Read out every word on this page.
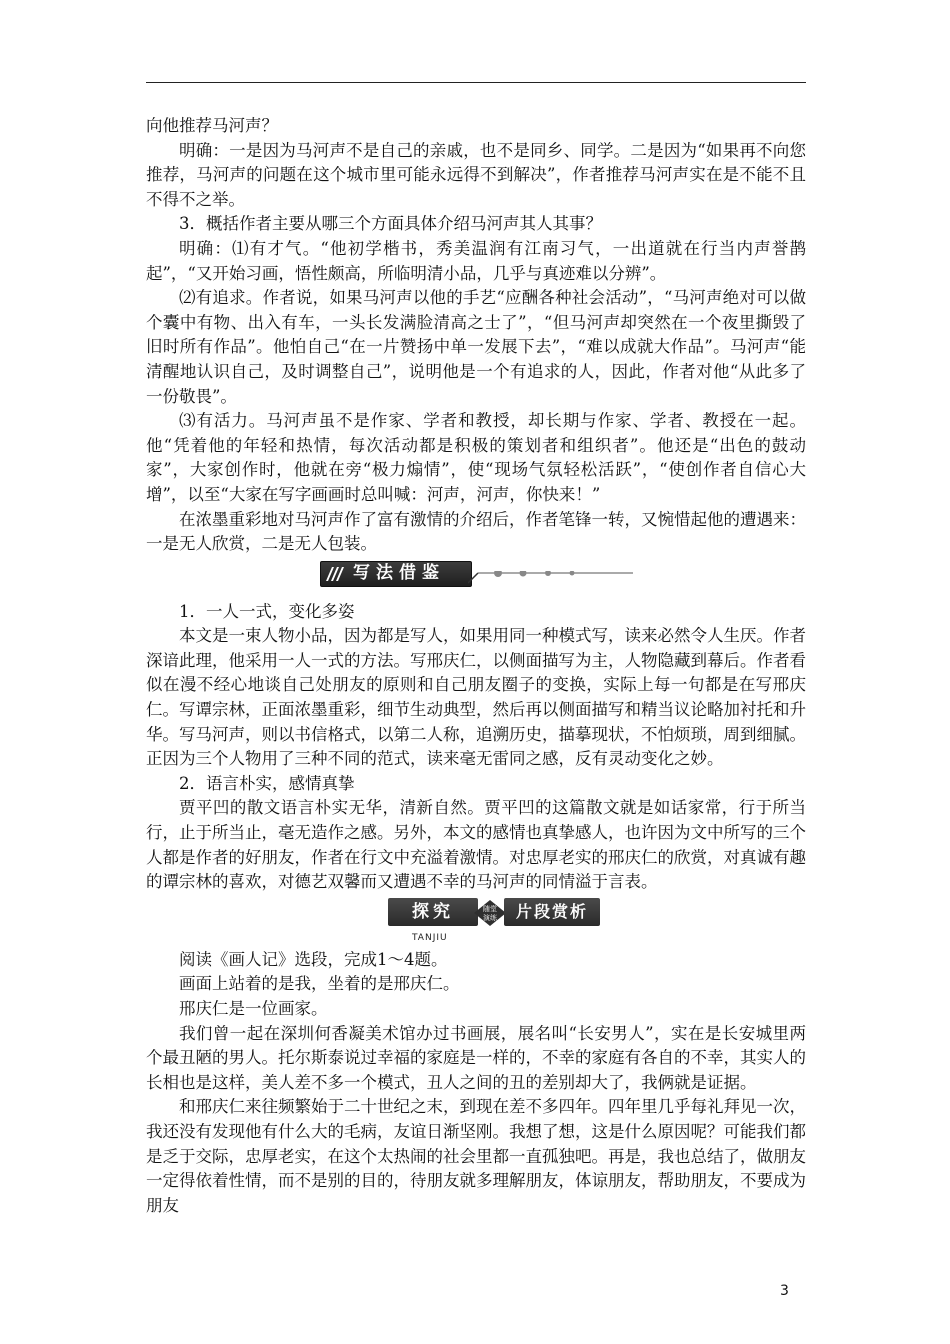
向他推荐马河声？

明确：一是因为马河声不是自己的亲戚，也不是同乡、同学。二是因为“如果再不向您推荐，马河声的问题在这个城市里可能永远得不到解决”，作者推荐马河声实在是不能不且不得不之举。

3．概括作者主要从哪三个方面具体介绍马河声其人其事？

明确：⑴有才气。“他初学楷书，秀美温润有江南习气，一出道就在行当内声誉鹊起”，“又开始习画，悟性颇高，所临明清小品，几乎与真迹难以分辨”。

⑵有追求。作者说，如果马河声以他的手艺“应酬各种社会活动”，“马河声绝对可以做个囊中有物、出入有车，一头长发满脸清高之士了”，“但马河声却突然在一个夜里撕毁了旧时所有作品”。他怕自己“在一片赞扬中单一发展下去”，“难以成就大作品”。马河声“能清醒地认识自己，及时调整自己”，说明他是一个有追求的人，因此，作者对他“从此多了一份敬畏”。

⑶有活力。马河声虽不是作家、学者和教授，却长期与作家、学者、教授在一起。他“凭着他的年轻和热情，每次活动都是积极的策划者和组织者”。他还是“出色的鼓动家”，大家创作时，他就在旁“极力煽情”，使“现场气氛轻松活跃”，“使创作者自信心大增”，以至“大家在写字画画时总叫喊：河声，河声，你快来！”

在浓墨重彩地对马河声作了富有激情的介绍后，作者笔锋一转，又惋惜起他的遭遇来：一是无人欣赏，二是无人包装。

写法借鉴

1．一人一式，变化多姿

本文是一束人物小品，因为都是写人，如果用同一种模式写，读来必然令人生厌。作者深谙此理，他采用一人一式的方法。写邢庆仁，以侧面描写为主，人物隐藏到幕后。作者看似在漫不经心地谈自己处朋友的原则和自己朋友圈子的变换，实际上每一句都是在写邢庆仁。写谭宗林，正面浓墨重彩，细节生动典型，然后再以侧面描写和精当议论略加衬托和升华。写马河声，则以书信格式，以第二人称，追溯历史，描摹现状，不怕烦琐，周到细腻。正因为三个人物用了三种不同的范式，读来毫无雷同之感，反有灵动变化之妙。

2．语言朴实，感情真挚

贾平凹的散文语言朴实无华，清新自然。贾平凹的这篇散文就是如话家常，行于所当行，止于所当止，毫无造作之感。另外，本文的感情也真挚感人，也许因为文中所写的三个人都是作者的好朋友，作者在行文中充溢着激情。对忠厚老实的邢庆仁的欣赏，对真诚有趣的谭宗林的喜欢，对德艺双馨而又遭遇不幸的马河声的同情溢于言表。

探究	随堂
演练	片段赏析
TANJIU

阅读《画人记》选段，完成1～4题。

画面上站着的是我，坐着的是邢庆仁。

邢庆仁是一位画家。

我们曾一起在深圳何香凝美术馆办过书画展，展名叫“长安男人”，实在是长安城里两个最丑陋的男人。托尔斯泰说过幸福的家庭是一样的，不幸的家庭有各自的不幸，其实人的长相也是这样，美人差不多一个模式，丑人之间的丑的差别却大了，我俩就是证据。

和邢庆仁来往频繁始于二十世纪之末，到现在差不多四年。四年里几乎每礼拜见一次，我还没有发现他有什么大的毛病，友谊日渐坚刚。我想了想，这是什么原因呢？可能我们都是乏于交际，忠厚老实，在这个太热闹的社会里都一直孤独吧。再是，我也总结了，做朋友一定得依着性情，而不是别的目的，待朋友就多理解朋友，体谅朋友，帮助朋友，不要成为朋友

3
